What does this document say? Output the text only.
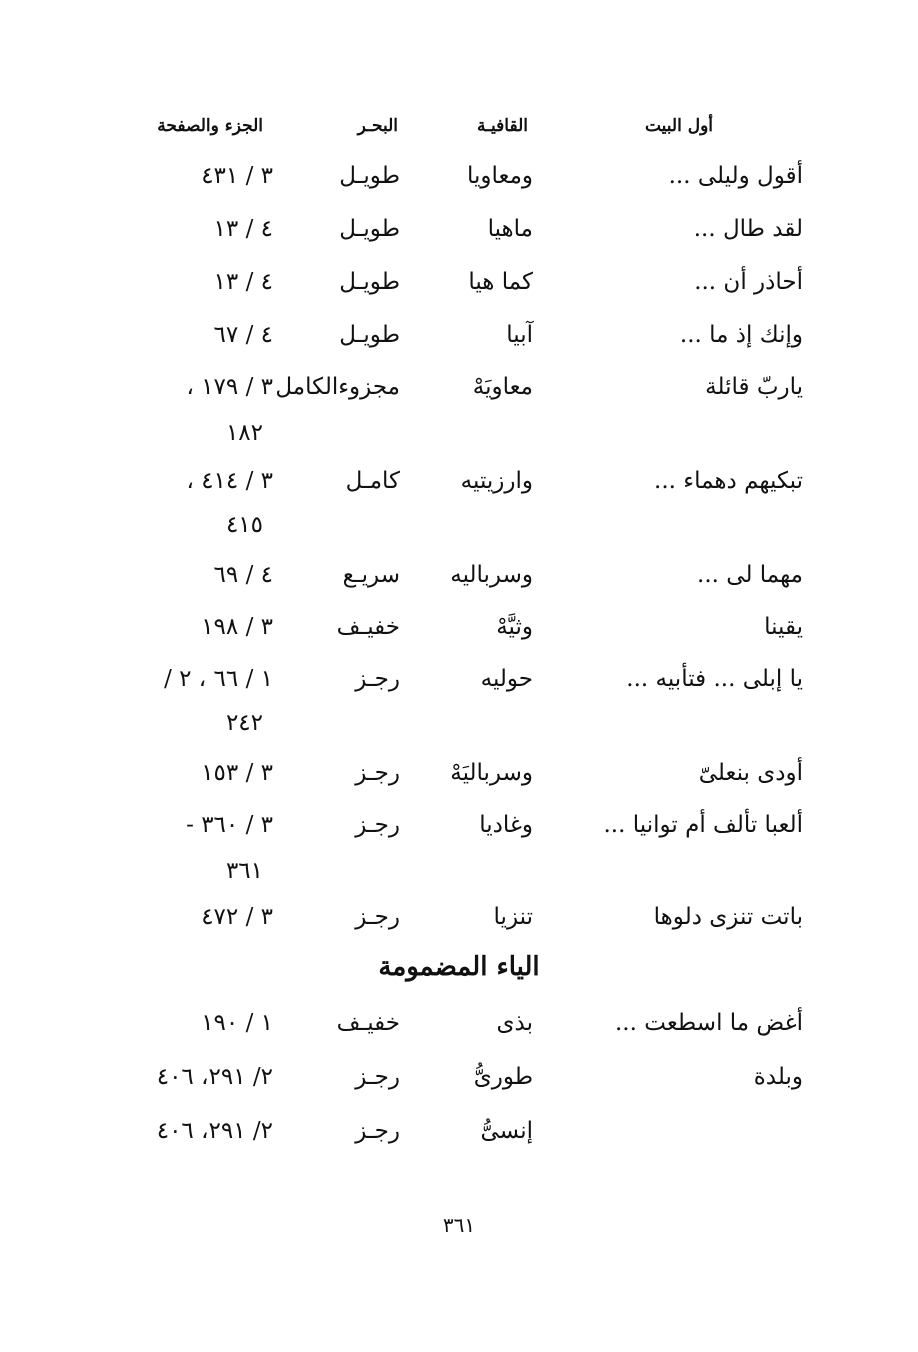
أول البيت
القافيـة
البحـر
الجزء والصفحة
أقول وليلى ...
ومعاويا
طويـل
٣ / ٤٣١
لقد طال ...
ماهيا
طويـل
٤ / ١٣
أحاذر أن ...
كما هيا
طويـل
٤ / ١٣
وإنك إذ ما ...
آبيا
طويـل
٤ / ٦٧
ياربّ قائلة
معاويَهْ
مجزوءالكامل
٣ / ١٧٩ ،
١٨٢
تبكيهم دهماء ...
وارزيتيه
كامـل
٣ / ٤١٤ ،
٤١٥
مهما لى ...
وسرباليه
سريـع
٤ / ٦٩
يقينا
وثيَّهْ
خفيـف
٣ / ١٩٨
يا إبلى ... فتأبيه ...
حوليه
رجـز
١ / ٦٦ ، ٢ /
٢٤٢
أودى بنعلىّ
وسرباليَهْ
رجـز
٣ / ١٥٣
ألعبا تألف أم توانيا ...
وغاديا
رجـز
٣ / ٣٦٠ -
٣٦١
باتت تنزى دلوها
تنزيا
رجـز
٣ / ٤٧٢
الياء المضمومة
أغض ما اسطعت ...
بذى
خفيـف
١ / ١٩٠
وبلدة
طورىُّ
رجـز
٢/ ٢٩١، ٤٠٦
إنسىُّ
رجـز
٢/ ٢٩١، ٤٠٦
٣٦١
